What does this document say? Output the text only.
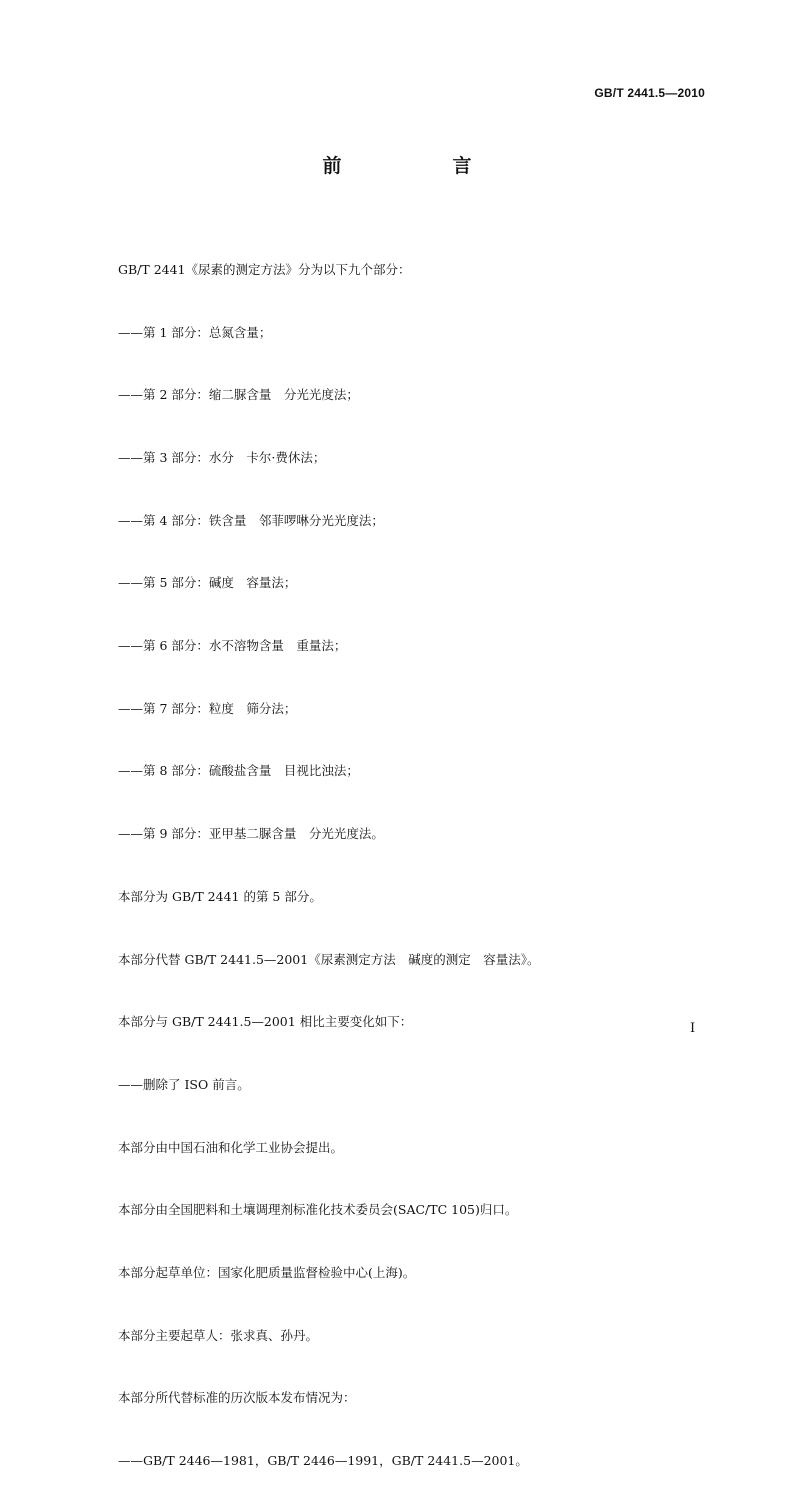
GB/T 2441.5—2010
前　言

GB/T 2441《尿素的测定方法》分为以下九个部分：

——第 1 部分：总氮含量；

——第 2 部分：缩二脲含量　分光光度法；

——第 3 部分：水分　卡尔·费休法；

——第 4 部分：铁含量　邻菲啰啉分光光度法；

——第 5 部分：碱度　容量法；

——第 6 部分：水不溶物含量　重量法；

——第 7 部分：粒度　筛分法；

——第 8 部分：硫酸盐含量　目视比浊法；

——第 9 部分：亚甲基二脲含量　分光光度法。

本部分为 GB/T 2441 的第 5 部分。

本部分代替 GB/T 2441.5—2001《尿素测定方法　碱度的测定　容量法》。

本部分与 GB/T 2441.5—2001 相比主要变化如下：

——删除了 ISO 前言。

本部分由中国石油和化学工业协会提出。

本部分由全国肥料和土壤调理剂标准化技术委员会(SAC/TC 105)归口。

本部分起草单位：国家化肥质量监督检验中心(上海)。

本部分主要起草人：张求真、孙丹。

本部分所代替标准的历次版本发布情况为：

——GB/T 2446—1981，GB/T 2446—1991，GB/T 2441.5—2001。

I
